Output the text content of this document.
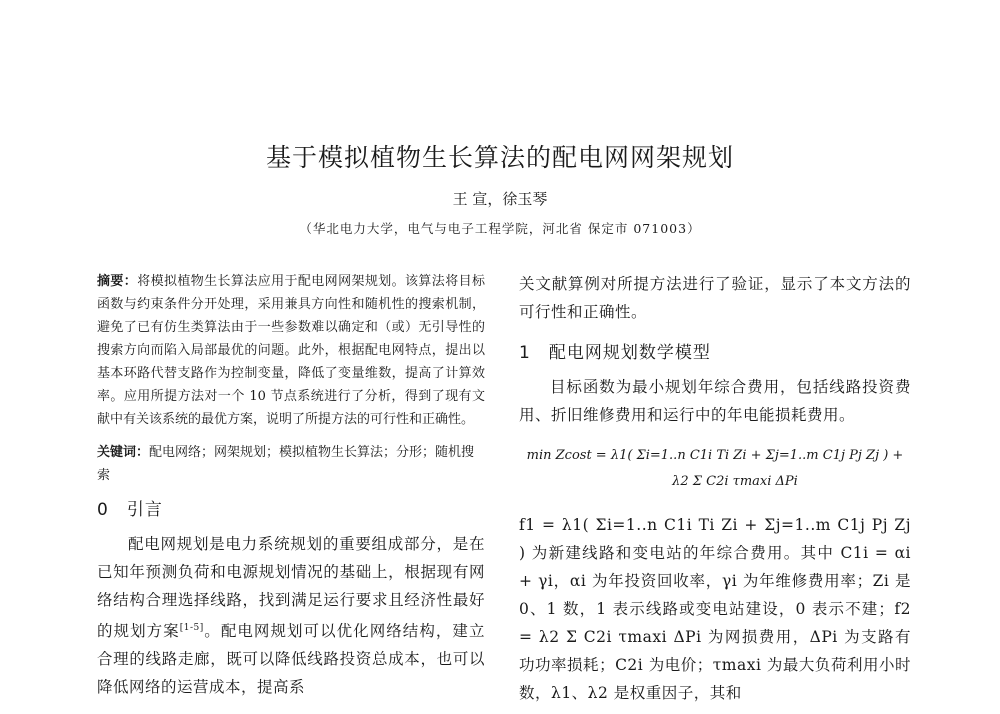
基于模拟植物生长算法的配电网网架规划
王 宣，徐玉琴
（华北电力大学，电气与电子工程学院，河北省 保定市 071003）
摘要：将模拟植物生长算法应用于配电网网架规划。该算法将目标函数与约束条件分开处理，采用兼具方向性和随机性的搜索机制，避免了已有仿生类算法由于一些参数难以确定和（或）无引导性的搜索方向而陷入局部最优的问题。此外，根据配电网特点，提出以基本环路代替支路作为控制变量，降低了变量维数，提高了计算效率。应用所提方法对一个 10 节点系统进行了分析，得到了现有文献中有关该系统的最优方案，说明了所提方法的可行性和正确性。
关键词：配电网络；网架规划；模拟植物生长算法；分形；随机搜索
0 引言
配电网规划是电力系统规划的重要组成部分，是在已知年预测负荷和电源规划情况的基础上，根据现有网络结构合理选择线路，找到满足运行要求且经济性最好的规划方案[1-5]。配电网规划可以优化网络结构，建立合理的线路走廊，既可以降低线路投资总成本，也可以降低网络的运营成本，提高系
关文献算例对所提方法进行了验证，显示了本文方法的可行性和正确性。
1 配电网规划数学模型
目标函数为最小规划年综合费用，包括线路投资费用、折旧维修费用和运行中的年电能损耗费用。
min Zcost = λ1( Σi=1..n C1i Ti Zi + Σj=1..m C1j Pj Zj ) +
λ2 Σ C2i τmaxi ΔPi
f1 = λ1( Σi=1..n C1i Ti Zi + Σj=1..m C1j Pj Zj ) 为新建线路和变电站的年综合费用。其中 C1i = αi + γi，αi 为年投资回收率，γi 为年维修费用率；Zi 是 0、1 数，1 表示线路或变电站建设，0 表示不建；f2 = λ2 Σ C2i τmaxi ΔPi 为网损费用，ΔPi 为支路有功功率损耗；C2i 为电价；τmaxi 为最大负荷利用小时数，λ1、λ2 是权重因子，其和
